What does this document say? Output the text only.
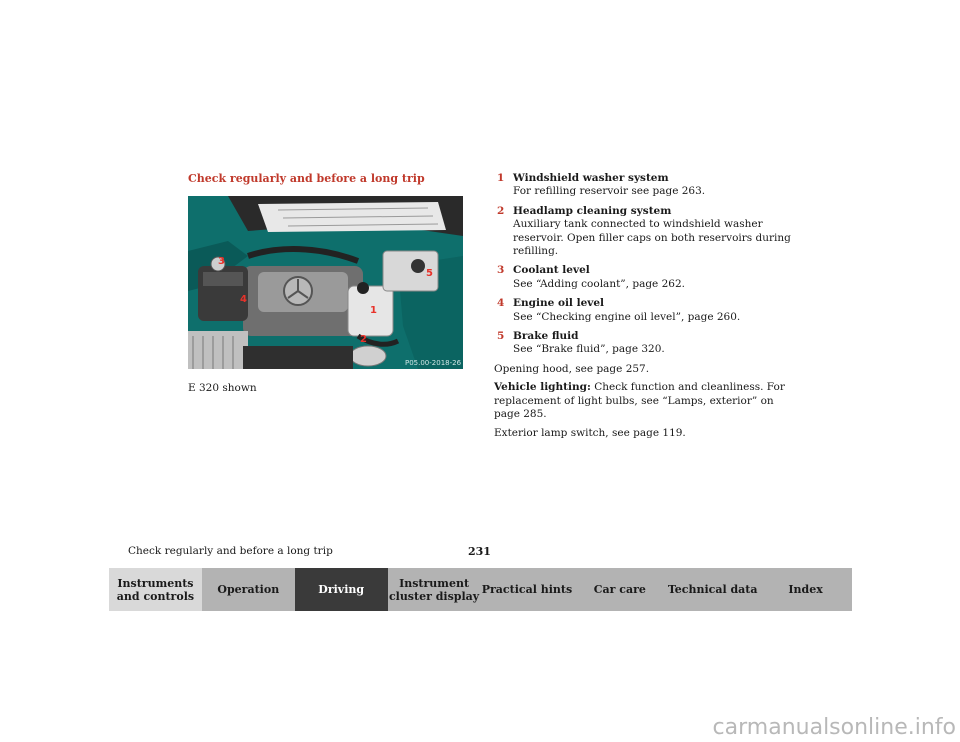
Check regularly and before a long trip
1
2
3
4
5
P05.00-2018-26
E 320 shown
1 Windshield washer system
For refilling reservoir see page 263.
2 Headlamp cleaning system
Auxiliary tank connected to windshield washer reservoir. Open filler caps on both reservoirs during refilling.
3 Coolant level
See “Adding coolant”, page 262.
4 Engine oil level
See “Checking engine oil level”, page 260.
5 Brake fluid
See “Brake fluid”, page 320.

Opening hood, see page 257.

Vehicle lighting: Check function and cleanliness. For replacement of light bulbs, see “Lamps, exterior” on page 285.

Exterior lamp switch, see page 119.

Check regularly and before a long trip	231
Instruments and controls	Operation	Driving	Instrument cluster display Practical hints Car care Technical data	Index
carmanualsonline.info
